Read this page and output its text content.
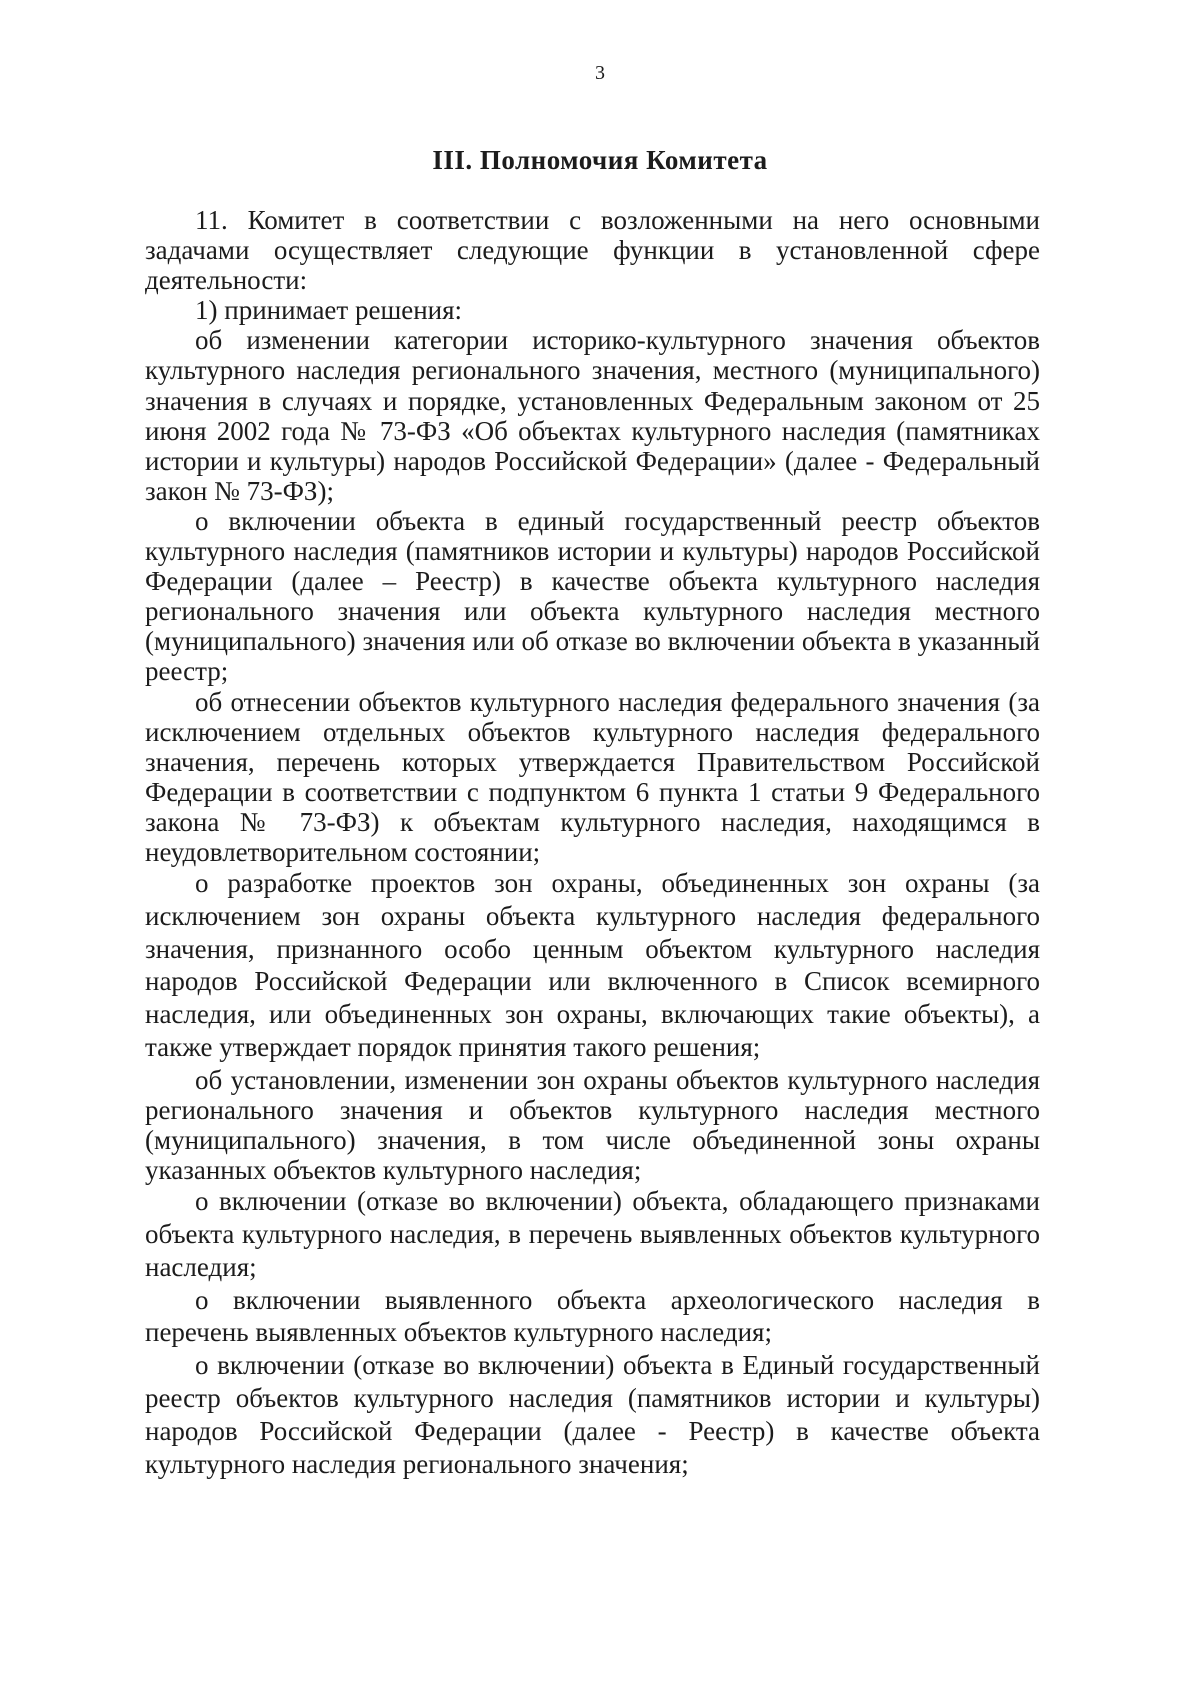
3
III. Полномочия Комитета

11. Комитет в соответствии с возложенными на него основными задачами осуществляет следующие функции в установленной сфере деятельности:

1) принимает решения:

об изменении категории историко-культурного значения объектов культурного наследия регионального значения, местного (муниципального) значения в случаях и порядке, установленных Федеральным законом от 25 июня 2002 года № 73-ФЗ «Об объектах культурного наследия (памятниках истории и культуры) народов Российской Федерации» (далее - Федеральный закон № 73-ФЗ);

о включении объекта в единый государственный реестр объектов культурного наследия (памятников истории и культуры) народов Российской Федерации (далее – Реестр) в качестве объекта культурного наследия регионального значения или объекта культурного наследия местного (муниципального) значения или об отказе во включении объекта в указанный реестр;

об отнесении объектов культурного наследия федерального значения (за исключением отдельных объектов культурного наследия федерального значения, перечень которых утверждается Правительством Российской Федерации в соответствии с подпунктом 6 пункта 1 статьи 9 Федерального закона № 73-ФЗ) к объектам культурного наследия, находящимся в неудовлетворительном состоянии;

о разработке проектов зон охраны, объединенных зон охраны (за исключением зон охраны объекта культурного наследия федерального значения, признанного особо ценным объектом культурного наследия народов Российской Федерации или включенного в Список всемирного наследия, или объединенных зон охраны, включающих такие объекты), а также утверждает порядок принятия такого решения;

об установлении, изменении зон охраны объектов культурного наследия регионального значения и объектов культурного наследия местного (муниципального) значения, в том числе объединенной зоны охраны указанных объектов культурного наследия;

о включении (отказе во включении) объекта, обладающего признаками объекта культурного наследия, в перечень выявленных объектов культурного наследия;

о включении выявленного объекта археологического наследия в перечень выявленных объектов культурного наследия;

о включении (отказе во включении) объекта в Единый государственный реестр объектов культурного наследия (памятников истории и культуры) народов Российской Федерации (далее - Реестр) в качестве объекта культурного наследия регионального значения;
